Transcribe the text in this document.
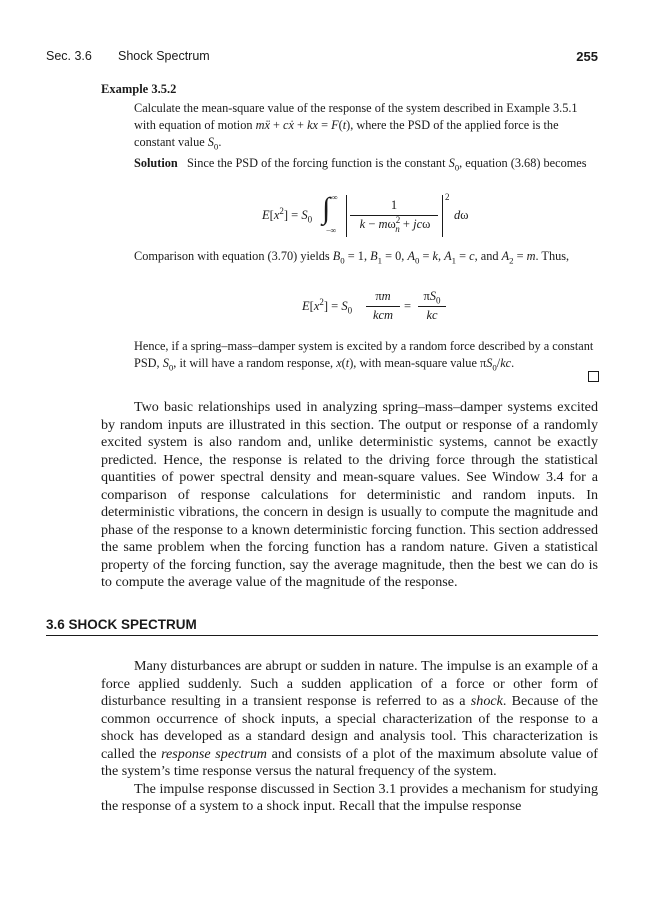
Sec. 3.6 Shock Spectrum	255
Example 3.5.2
Calculate the mean-square value of the response of the system described in Example 3.5.1 with equation of motion mẍ + cẋ + kx = F(t), where the PSD of the applied force is the constant value $S_0$.
Solution   Since the PSD of the forcing function is the constant $S_0$, equation (3.68) becomes
$E[x^2] = S_0$ ∫ ∞
−∞
1
$k - m\omega^2_n + jc\omega$
2
dω
Comparison with equation (3.70) yields $B_0 = 1$, $B_1 = 0$, $A_0 = k$, $A_1 = c$, and $A_2 = m$. Thus,
$E[x^2] = S_0$
πm
kcm
=
$\pi S_0$
kc
Hence, if a spring–mass–damper system is excited by a random force described by a constant PSD, $S_0$, it will have a random response, x(t), with mean-square value $\pi S_0/kc$.

Two basic relationships used in analyzing spring–mass–damper systems excited by random inputs are illustrated in this section. The output or response of a randomly excited system is also random and, unlike deterministic systems, cannot be exactly predicted. Hence, the response is related to the driving force through the statistical quantities of power spectral density and mean-square values. See Window 3.4 for a comparison of response calculations for deterministic and random inputs. In deterministic vibrations, the concern in design is usually to compute the magnitude and phase of the response to a known deterministic forcing function. This section addressed the same problem when the forcing function has a random nature. Given a statistical property of the forcing function, say the average magnitude, then the best we can do is to compute the average value of the magnitude of the response.

3.6 SHOCK SPECTRUM

Many disturbances are abrupt or sudden in nature. The impulse is an example of a force applied suddenly. Such a sudden application of a force or other form of disturbance resulting in a transient response is referred to as a shock. Because of the common occurrence of shock inputs, a special characterization of the response to a shock has developed as a standard design and analysis tool. This characterization is called the response spectrum and consists of a plot of the maximum absolute value of the system’s time response versus the natural frequency of the system.

The impulse response discussed in Section 3.1 provides a mechanism for studying the response of a system to a shock input. Recall that the impulse response
